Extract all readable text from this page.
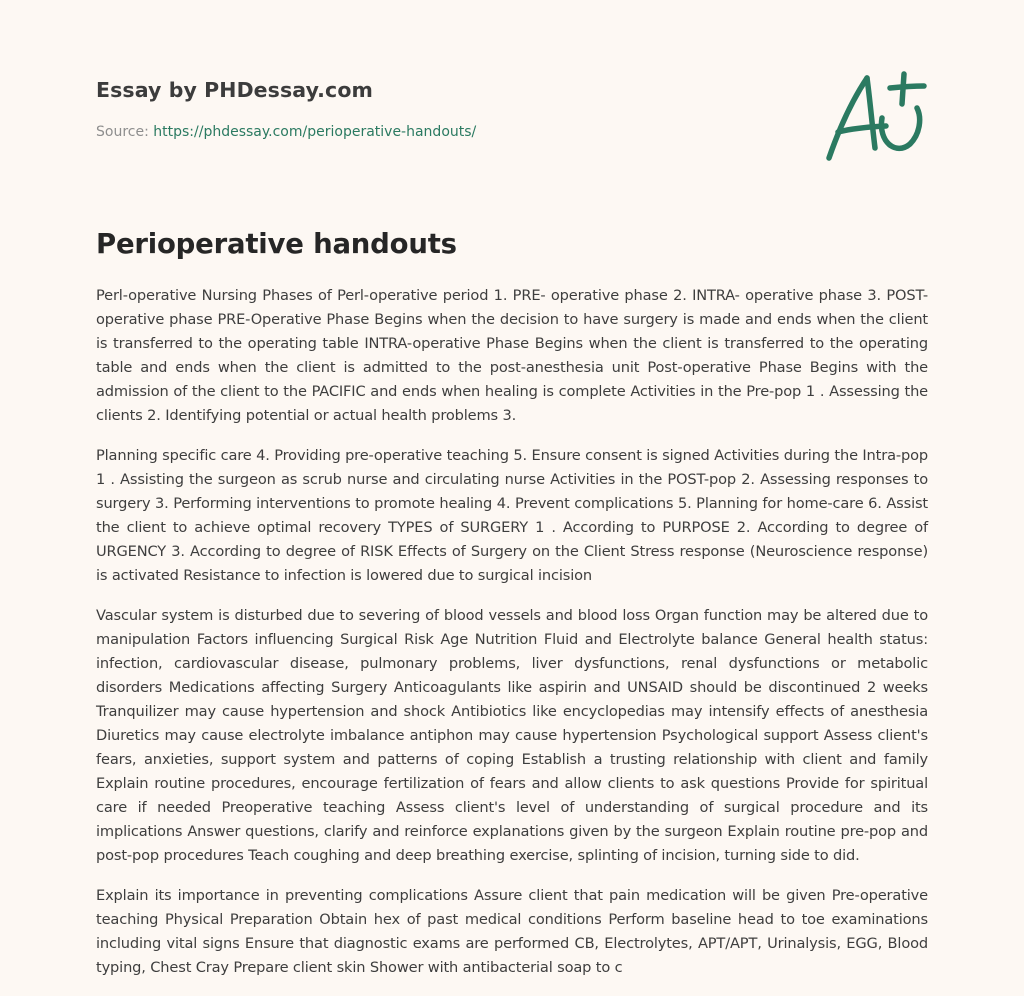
Essay by PHDessay.com
Source: https://phdessay.com/perioperative-handouts/
Perioperative handouts

Perl-operative Nursing Phases of Perl-operative period 1. PRE- operative phase 2. INTRA- operative phase 3. POST- operative phase PRE-Operative Phase Begins when the decision to have surgery is made and ends when the client is transferred to the operating table INTRA-operative Phase Begins when the client is transferred to the operating table and ends when the client is admitted to the post-anesthesia unit Post-operative Phase Begins with the admission of the client to the PACIFIC and ends when healing is complete Activities in the Pre-pop 1 . Assessing the clients 2. Identifying potential or actual health problems 3.

Planning specific care 4. Providing pre-operative teaching 5. Ensure consent is signed Activities during the Intra-pop 1 . Assisting the surgeon as scrub nurse and circulating nurse Activities in the POST-pop 2. Assessing responses to surgery 3. Performing interventions to promote healing 4. Prevent complications 5. Planning for home-care 6. Assist the client to achieve optimal recovery TYPES of SURGERY 1 . According to PURPOSE 2. According to degree of URGENCY 3. According to degree of RISK Effects of Surgery on the Client Stress response (Neuroscience response) is activated Resistance to infection is lowered due to surgical incision

Vascular system is disturbed due to severing of blood vessels and blood loss Organ function may be altered due to manipulation Factors influencing Surgical Risk Age Nutrition Fluid and Electrolyte balance General health status: infection, cardiovascular disease, pulmonary problems, liver dysfunctions, renal dysfunctions or metabolic disorders Medications affecting Surgery Anticoagulants like aspirin and UNSAID should be discontinued 2 weeks Tranquilizer may cause hypertension and shock Antibiotics like encyclopedias may intensify effects of anesthesia Diuretics may cause electrolyte imbalance antiphon may cause hypertension Psychological support Assess client's fears, anxieties, support system and patterns of coping Establish a trusting relationship with client and family Explain routine procedures, encourage fertilization of fears and allow clients to ask questions Provide for spiritual care if needed Preoperative teaching Assess client's level of understanding of surgical procedure and its implications Answer questions, clarify and reinforce explanations given by the surgeon Explain routine pre-pop and post-pop procedures Teach coughing and deep breathing exercise, splinting of incision, turning side to did.

Explain its importance in preventing complications Assure client that pain medication will be given Pre-operative teaching Physical Preparation Obtain hex of past medical conditions Perform baseline head to toe examinations including vital signs Ensure that diagnostic exams are performed CB, Electrolytes, APT/APT, Urinalysis, EGG, Blood typing, Chest Cray Prepare client skin Shower with antibacterial soap to c
